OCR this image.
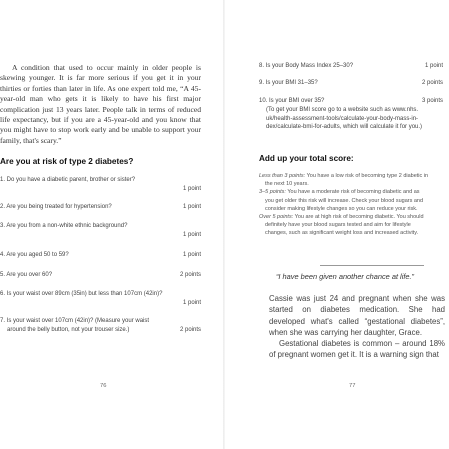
A condition that used to occur mainly in older people is skewing younger. It is far more serious if you get it in your thirties or forties than later in life. As one expert told me, “A 45-year-old man who gets it is likely to have his first major complication just 13 years later. People talk in terms of reduced life expectancy, but if you are a 45-year-old and you know that you might have to stop work early and be unable to support your family, that's scary.”

Are you at risk of type 2 diabetes?
1. Do you have a diabetic parent, brother or sister?
1 point
2. Are you being treated for hypertension?	1 point
3. Are you from a non-white ethnic background?
1 point
4. Are you aged 50 to 59?	1 point
5. Are you over 60?	2 points
6. Is your waist over 89cm (35in) but less than 107cm (42in)?
1 point
7. Is your waist over 107cm (42in)? (Measure your waist
around the belly button, not your trouser size.)	2 points
76
8. Is your Body Mass Index 25–30?	1 point
9. Is your BMI 31–35?	2 points
10. Is your BMI over 35?
(To get your BMI score go to a website such as www.nhs.
uk/health-assessment-tools/calculate-your-body-mass-in-
dex/calculate-bmi-for-adults, which will calculate it for you.)
3 points
Add up your total score:
Less than 3 points: You have a low risk of becoming type 2 diabetic in
the next 10 years.
3–5 points: You have a moderate risk of becoming diabetic and as
you get older this risk will increase. Check your blood sugars and
consider making lifestyle changes so you can reduce your risk.
Over 5 points: You are at high risk of becoming diabetic. You should
definitely have your blood sugars tested and aim for lifestyle
changes, such as significant weight loss and increased activity.
“I have been given another chance at life.”

Cassie was just 24 and pregnant when she was started on diabetes medication. She had developed what's called “gestational diabetes”, when she was carrying her daughter, Grace.

Gestational diabetes is common – around 18% of pregnant women get it. It is a warning sign that

77
